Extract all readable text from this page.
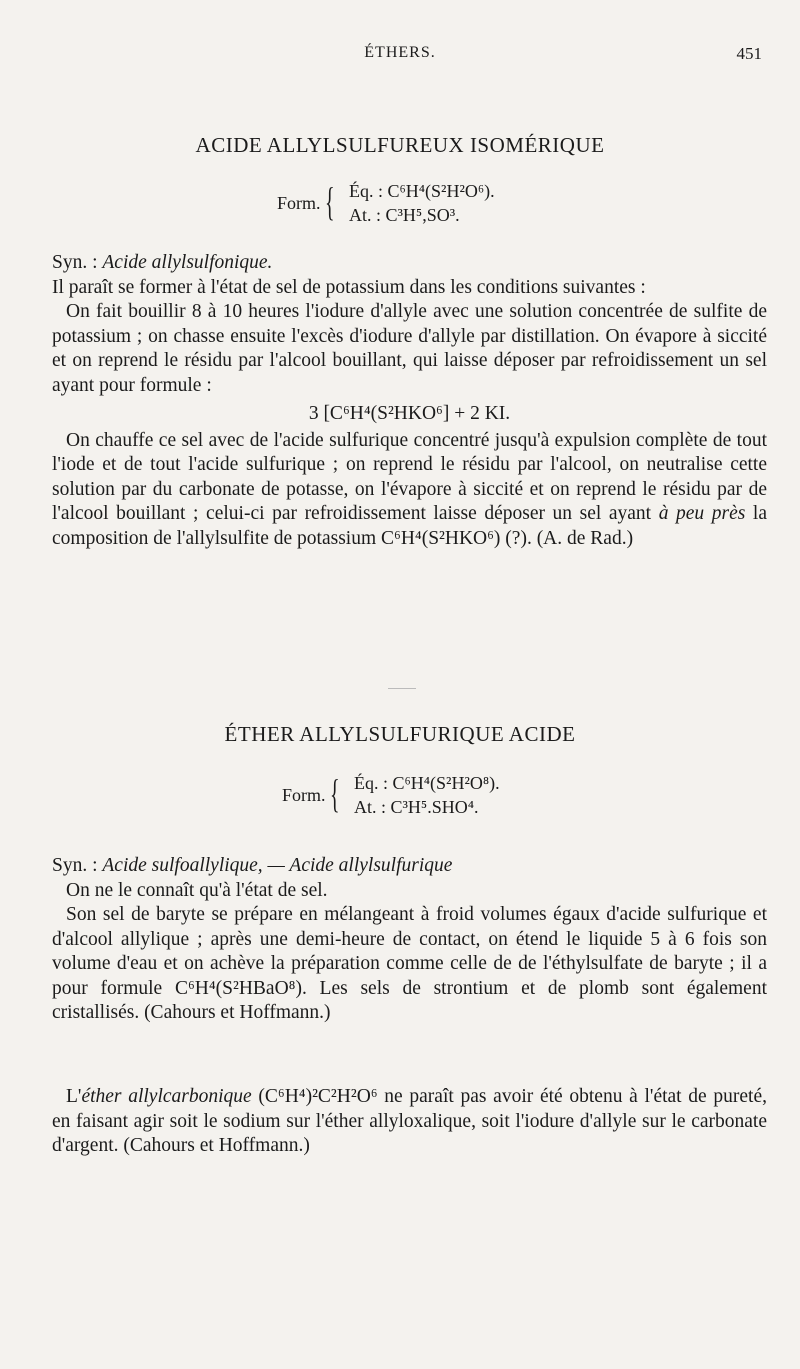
ÉTHERS.	451
ACIDE ALLYLSULFUREUX ISOMÉRIQUE
Form. { Éq. : C⁶H⁴(S²H²O⁶).
At. : C³H⁵,SO³.

Syn. : Acide allylsulfonique.

Il paraît se former à l'état de sel de potassium dans les conditions suivantes :

On fait bouillir 8 à 10 heures l'iodure d'allyle avec une solution concentrée de sulfite de potassium ; on chasse ensuite l'excès d'iodure d'allyle par distillation. On évapore à siccité et on reprend le résidu par l'alcool bouillant, qui laisse déposer par refroidissement un sel ayant pour formule :

3 [C⁶H⁴(S²HKO⁶] + 2 KI.

On chauffe ce sel avec de l'acide sulfurique concentré jusqu'à expulsion complète de tout l'iode et de tout l'acide sulfurique ; on reprend le résidu par l'alcool, on neutralise cette solution par du carbonate de potasse, on l'évapore à siccité et on reprend le résidu par de l'alcool bouillant ; celui-ci par refroidissement laisse déposer un sel ayant à peu près la composition de l'allylsulfite de potassium C⁶H⁴(S²HKO⁶) (?). (A. de Rad.)

ÉTHER ALLYLSULFURIQUE ACIDE
Form. { Éq. : C⁶H⁴(S²H²O⁸).
At. : C³H⁵.SHO⁴.

Syn. : Acide sulfoallylique, — Acide allylsulfurique

On ne le connaît qu'à l'état de sel.

Son sel de baryte se prépare en mélangeant à froid volumes égaux d'acide sulfurique et d'alcool allylique ; après une demi-heure de contact, on étend le liquide 5 à 6 fois son volume d'eau et on achève la préparation comme celle de de l'éthylsulfate de baryte ; il a pour formule C⁶H⁴(S²HBaO⁸). Les sels de strontium et de plomb sont également cristallisés. (Cahours et Hoffmann.)

L'éther allylcarbonique (C⁶H⁴)²C²H²O⁶ ne paraît pas avoir été obtenu à l'état de pureté, en faisant agir soit le sodium sur l'éther allyloxalique, soit l'iodure d'allyle sur le carbonate d'argent. (Cahours et Hoffmann.)
